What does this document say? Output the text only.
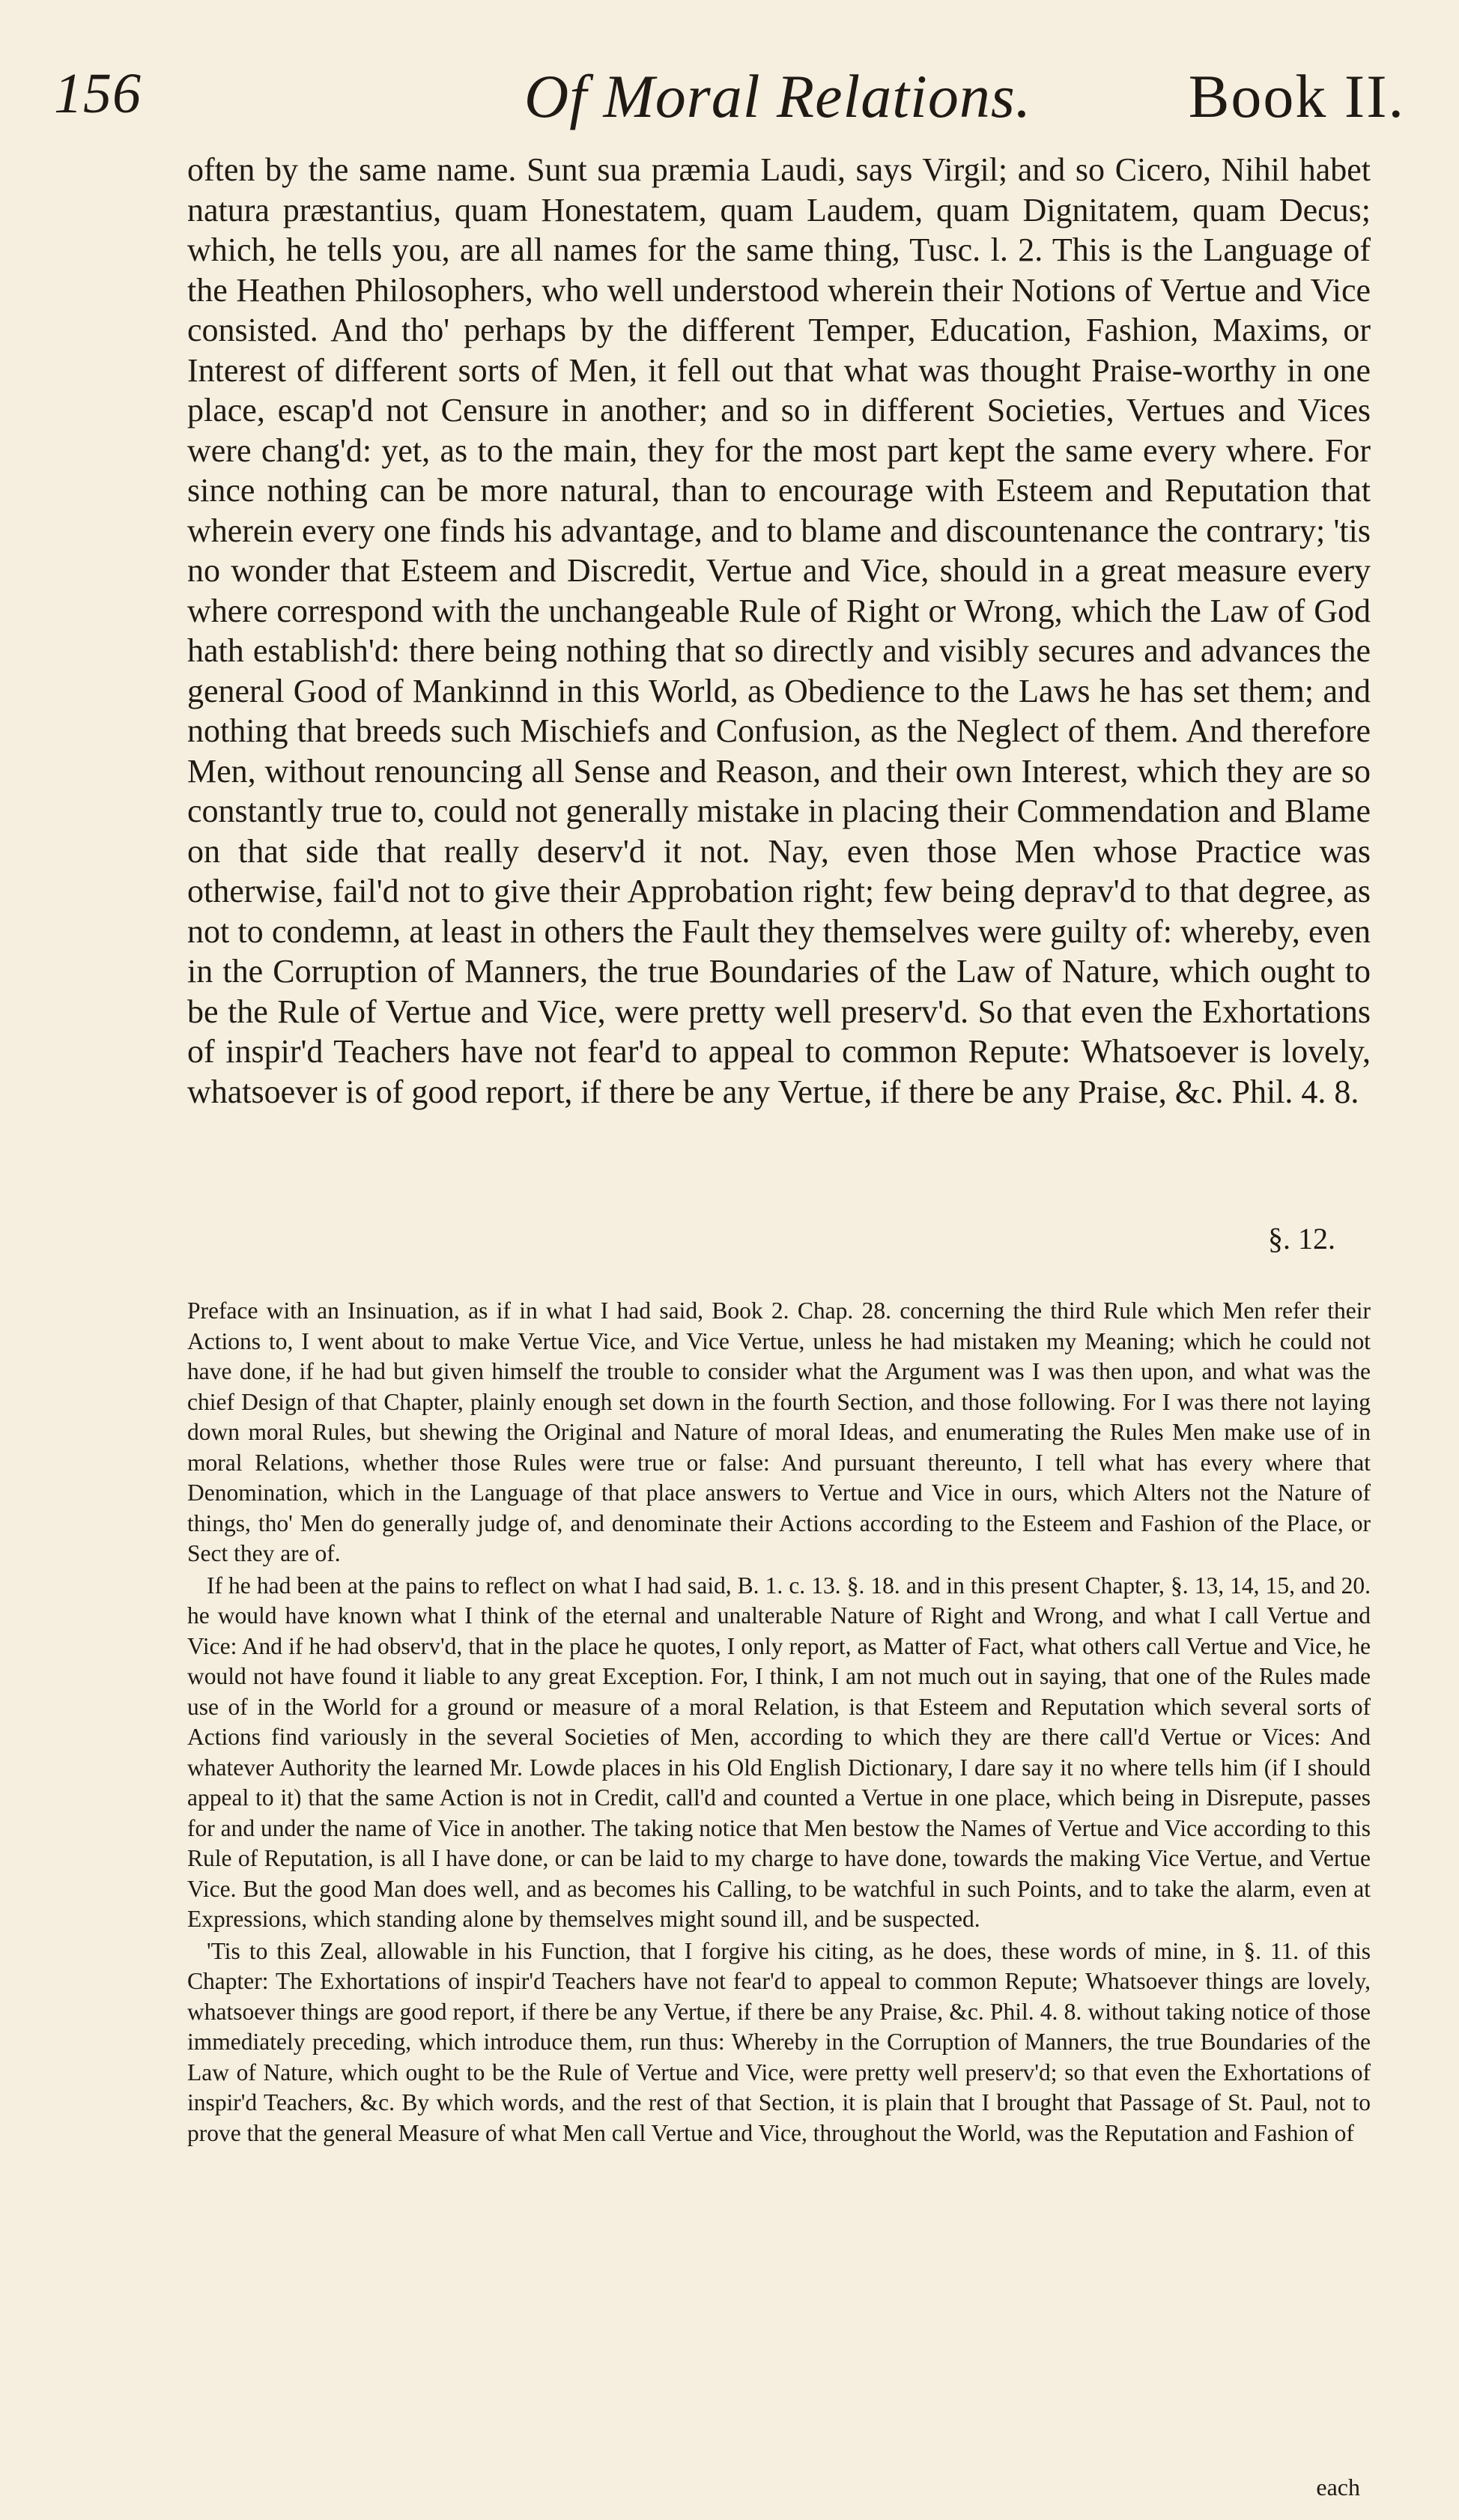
156	Of Moral Relations.	Book II.

often by the same name. Sunt sua præmia Laudi, says Virgil; and so Cicero, Nihil habet natura præstantius, quam Honestatem, quam Laudem, quam Dignitatem, quam Decus; which, he tells you, are all names for the same thing, Tusc. l. 2. This is the Language of the Heathen Philosophers, who well understood wherein their Notions of Vertue and Vice consisted. And tho' perhaps by the different Temper, Education, Fashion, Maxims, or Interest of different sorts of Men, it fell out that what was thought Praise-worthy in one place, escap'd not Censure in another; and so in different Societies, Vertues and Vices were chang'd: yet, as to the main, they for the most part kept the same every where. For since nothing can be more natural, than to encourage with Esteem and Reputation that wherein every one finds his advantage, and to blame and discountenance the contrary; 'tis no wonder that Esteem and Discredit, Vertue and Vice, should in a great measure every where correspond with the unchangeable Rule of Right or Wrong, which the Law of God hath establish'd: there being nothing that so directly and visibly secures and advances the general Good of Mankinnd in this World, as Obedience to the Laws he has set them; and nothing that breeds such Mischiefs and Confusion, as the Neglect of them. And therefore Men, without renouncing all Sense and Reason, and their own Interest, which they are so constantly true to, could not generally mistake in placing their Commendation and Blame on that side that really deserv'd it not. Nay, even those Men whose Practice was otherwise, fail'd not to give their Approbation right; few being deprav'd to that degree, as not to condemn, at least in others the Fault they themselves were guilty of: whereby, even in the Corruption of Manners, the true Boundaries of the Law of Nature, which ought to be the Rule of Vertue and Vice, were pretty well preserv'd. So that even the Exhortations of inspir'd Teachers have not fear'd to appeal to common Repute: Whatsoever is lovely, whatsoever is of good report, if there be any Vertue, if there be any Praise, &c. Phil. 4. 8.

§. 12.

Preface with an Insinuation, as if in what I had said, Book 2. Chap. 28. concerning the third Rule which Men refer their Actions to, I went about to make Vertue Vice, and Vice Vertue, unless he had mistaken my Meaning; which he could not have done, if he had but given himself the trouble to consider what the Argument was I was then upon, and what was the chief Design of that Chapter, plainly enough set down in the fourth Section, and those following. For I was there not laying down moral Rules, but shewing the Original and Nature of moral Ideas, and enumerating the Rules Men make use of in moral Relations, whether those Rules were true or false: And pursuant thereunto, I tell what has every where that Denomination, which in the Language of that place answers to Vertue and Vice in ours, which Alters not the Nature of things, tho' Men do generally judge of, and denominate their Actions according to the Esteem and Fashion of the Place, or Sect they are of.

If he had been at the pains to reflect on what I had said, B. 1. c. 13. §. 18. and in this present Chapter, §. 13, 14, 15, and 20. he would have known what I think of the eternal and unalterable Nature of Right and Wrong, and what I call Vertue and Vice: And if he had observ'd, that in the place he quotes, I only report, as Matter of Fact, what others call Vertue and Vice, he would not have found it liable to any great Exception. For, I think, I am not much out in saying, that one of the Rules made use of in the World for a ground or measure of a moral Relation, is that Esteem and Reputation which several sorts of Actions find variously in the several Societies of Men, according to which they are there call'd Vertue or Vices: And whatever Authority the learned Mr. Lowde places in his Old English Dictionary, I dare say it no where tells him (if I should appeal to it) that the same Action is not in Credit, call'd and counted a Vertue in one place, which being in Disrepute, passes for and under the name of Vice in another. The taking notice that Men bestow the Names of Vertue and Vice according to this Rule of Reputation, is all I have done, or can be laid to my charge to have done, towards the making Vice Vertue, and Vertue Vice. But the good Man does well, and as becomes his Calling, to be watchful in such Points, and to take the alarm, even at Expressions, which standing alone by themselves might sound ill, and be suspected.

'Tis to this Zeal, allowable in his Function, that I forgive his citing, as he does, these words of mine, in §. 11. of this Chapter: The Exhortations of inspir'd Teachers have not fear'd to appeal to common Repute; Whatsoever things are lovely, whatsoever things are good report, if there be any Vertue, if there be any Praise, &c. Phil. 4. 8. without taking notice of those immediately preceding, which introduce them, run thus: Whereby in the Corruption of Manners, the true Boundaries of the Law of Nature, which ought to be the Rule of Vertue and Vice, were pretty well preserv'd; so that even the Exhortations of inspir'd Teachers, &c. By which words, and the rest of that Section, it is plain that I brought that Passage of St. Paul, not to prove that the general Measure of what Men call Vertue and Vice, throughout the World, was the Reputation and Fashion of

each
